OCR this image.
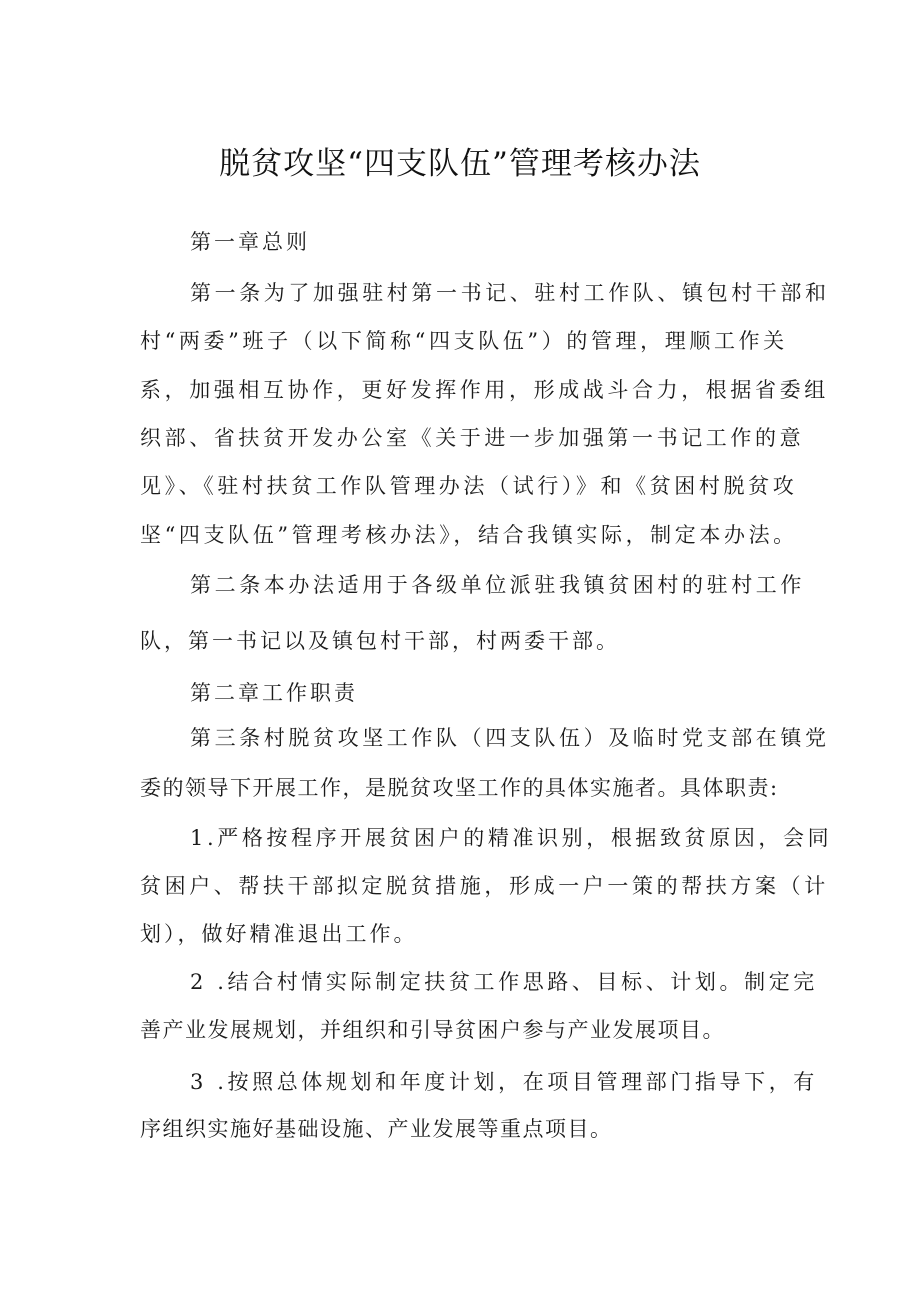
脱贫攻坚“四支队伍”管理考核办法
第一章总则
第一条为了加强驻村第一书记、驻村工作队、镇包村干部和
村“两委”班子（以下简称“四支队伍”）的管理，理顺工作关
系，加强相互协作，更好发挥作用，形成战斗合力，根据省委组
织部、省扶贫开发办公室《关于进一步加强第一书记工作的意
见》、《驻村扶贫工作队管理办法（试行）》和《贫困村脱贫攻
坚“四支队伍”管理考核办法》，结合我镇实际，制定本办法。
第二条本办法适用于各级单位派驻我镇贫困村的驻村工作
队，第一书记以及镇包村干部，村两委干部。
第二章工作职责
第三条村脱贫攻坚工作队（四支队伍）及临时党支部在镇党
委的领导下开展工作，是脱贫攻坚工作的具体实施者。具体职责:
1.严格按程序开展贫困户的精准识别，根据致贫原因，会同
贫困户、帮扶干部拟定脱贫措施，形成一户一策的帮扶方案（计
划），做好精准退出工作。
2 .结合村情实际制定扶贫工作思路、目标、计划。制定完
善产业发展规划，并组织和引导贫困户参与产业发展项目。
3 .按照总体规划和年度计划，在项目管理部门指导下，有
序组织实施好基础设施、产业发展等重点项目。
